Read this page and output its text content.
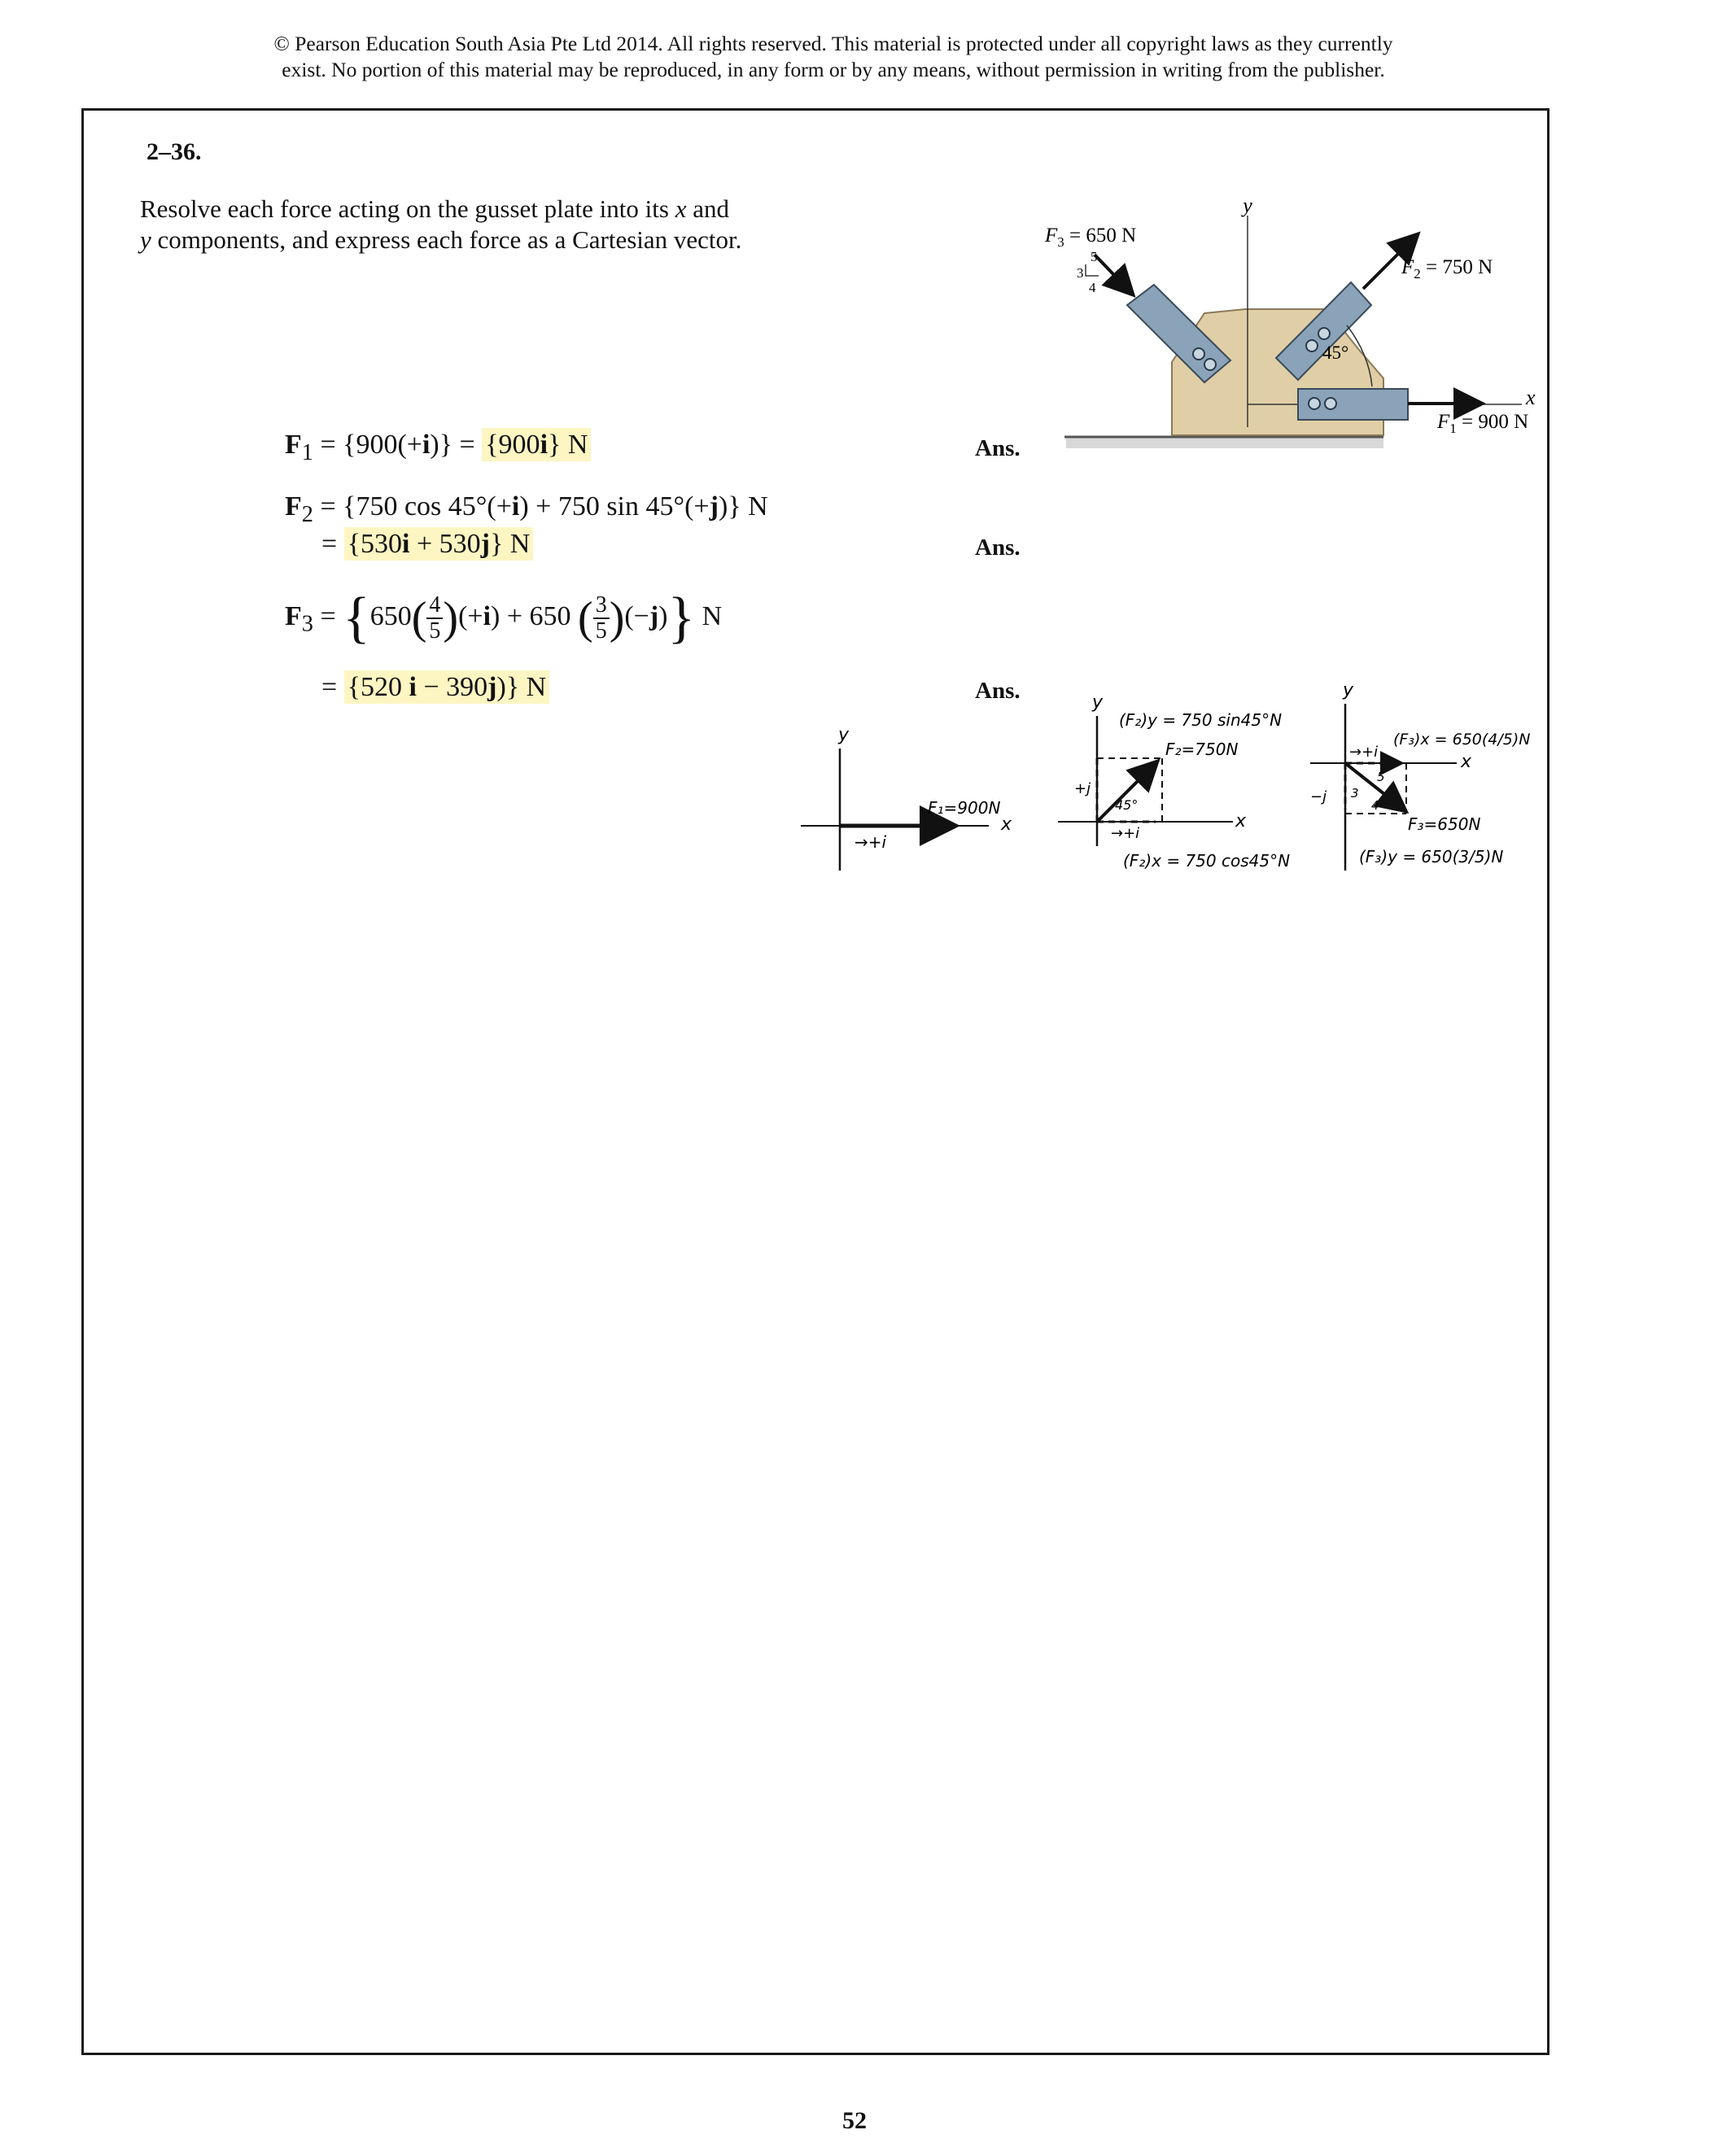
© Pearson Education South Asia Pte Ltd 2014. All rights reserved. This material is protected under all copyright laws as they currently
exist. No portion of this material may be reproduced, in any form or by any means, without permission in writing from the publisher.
2–36.
Resolve each force acting on the gusset plate into its x and
y components, and express each force as a Cartesian vector.
y
x
45°
5
3
4
$F_3 = 650$ N
$F_2 = 750$ N
$F_1 = 900$ N
$F_1 = \{900(+i)\} = \{900i\}$ N	Ans.
$F_2 = \{750$ cos 45°(+i) + 750 sin 45°(+j)} N
= {530i + 530j} N	Ans.
$F_3 = \{650( \frac{4}{5} )(+i) + 650$ ( $\frac{3}{5} )(-j)$} N
= {520 i − 390j)} N	Ans.
y
F₁=900N
x
→+i
y
(F₂)y = 750 sin45°N
F₂=750N
+j
45°
→+i
x
(F₂)x = 750 cos45°N
y
→+i
(F₃)x = 650(4/5)N
x
−j
5
3
4
F₃=650N
(F₃)y = 650(3/5)N
52
